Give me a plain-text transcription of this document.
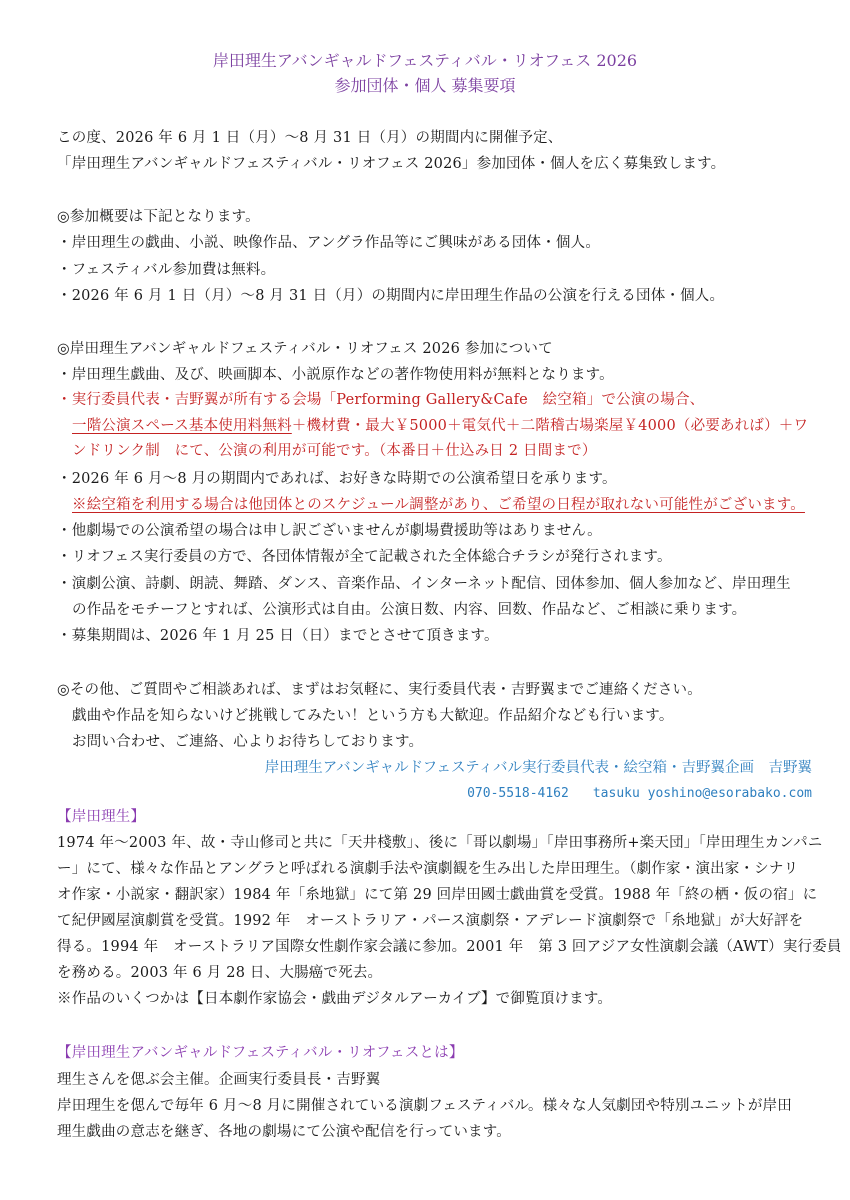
岸田理生アバンギャルドフェスティバル・リオフェス 2026
参加団体・個人 募集要項
この度、2026 年 6 月 1 日（月）～8 月 31 日（月）の期間内に開催予定、
「岸田理生アバンギャルドフェスティバル・リオフェス 2026」参加団体・個人を広く募集致します。
◎参加概要は下記となります。
・岸田理生の戯曲、小説、映像作品、アングラ作品等にご興味がある団体・個人。
・フェスティバル参加費は無料。
・2026 年 6 月 1 日（月）～8 月 31 日（月）の期間内に岸田理生作品の公演を行える団体・個人。
◎岸田理生アバンギャルドフェスティバル・リオフェス 2026 参加について
・岸田理生戯曲、及び、映画脚本、小説原作などの著作物使用料が無料となります。
・実行委員代表・吉野翼が所有する会場「Performing Gallery&Cafe　絵空箱」で公演の場合、
一階公演スペース基本使用料無料＋機材費・最大￥5000＋電気代＋二階稽古場楽屋￥4000（必要あれば）＋ワ
ンドリンク制　にて、公演の利用が可能です。（本番日＋仕込み日 2 日間まで）
・2026 年 6 月～8 月の期間内であれば、お好きな時期での公演希望日を承ります。
※絵空箱を利用する場合は他団体とのスケジュール調整があり、ご希望の日程が取れない可能性がございます。
・他劇場での公演希望の場合は申し訳ございませんが劇場費援助等はありません。
・リオフェス実行委員の方で、各団体情報が全て記載された全体総合チラシが発行されます。
・演劇公演、詩劇、朗読、舞踏、ダンス、音楽作品、インターネット配信、団体参加、個人参加など、岸田理生
の作品をモチーフとすれば、公演形式は自由。公演日数、内容、回数、作品など、ご相談に乗ります。
・募集期間は、2026 年 1 月 25 日（日）までとさせて頂きます。
◎その他、ご質問やご相談あれば、まずはお気軽に、実行委員代表・吉野翼までご連絡ください。
戯曲や作品を知らないけど挑戦してみたい！という方も大歓迎。作品紹介なども行います。
お問い合わせ、ご連絡、心よりお待ちしております。
岸田理生アバンギャルドフェスティバル実行委員代表・絵空箱・吉野翼企画　吉野翼
070-5518-4162 tasuku yoshino@esorabako.com
【岸田理生】
1974 年～2003 年、故・寺山修司と共に「天井棧敷」、後に「哥以劇場」「岸田事務所+楽天団」「岸田理生カンパニ
ー」にて、様々な作品とアングラと呼ばれる演劇手法や演劇観を生み出した岸田理生。（劇作家・演出家・シナリ
オ作家・小説家・翻訳家）1984 年「糸地獄」にて第 29 回岸田國士戯曲賞を受賞。1988 年「終の栖・仮の宿」に
て紀伊國屋演劇賞を受賞。1992 年　オーストラリア・パース演劇祭・アデレード演劇祭で「糸地獄」が大好評を
得る。1994 年　オーストラリア国際女性劇作家会議に参加。2001 年　第 3 回アジア女性演劇会議（AWT）実行委員
を務める。2003 年 6 月 28 日、大腸癌で死去。
※作品のいくつかは【日本劇作家協会・戯曲デジタルアーカイブ】で御覧頂けます。
【岸田理生アバンギャルドフェスティバル・リオフェスとは】
理生さんを偲ぶ会主催。企画実行委員長・吉野翼
岸田理生を偲んで毎年 6 月～8 月に開催されている演劇フェスティバル。様々な人気劇団や特別ユニットが岸田
理生戯曲の意志を継ぎ、各地の劇場にて公演や配信を行っています。
